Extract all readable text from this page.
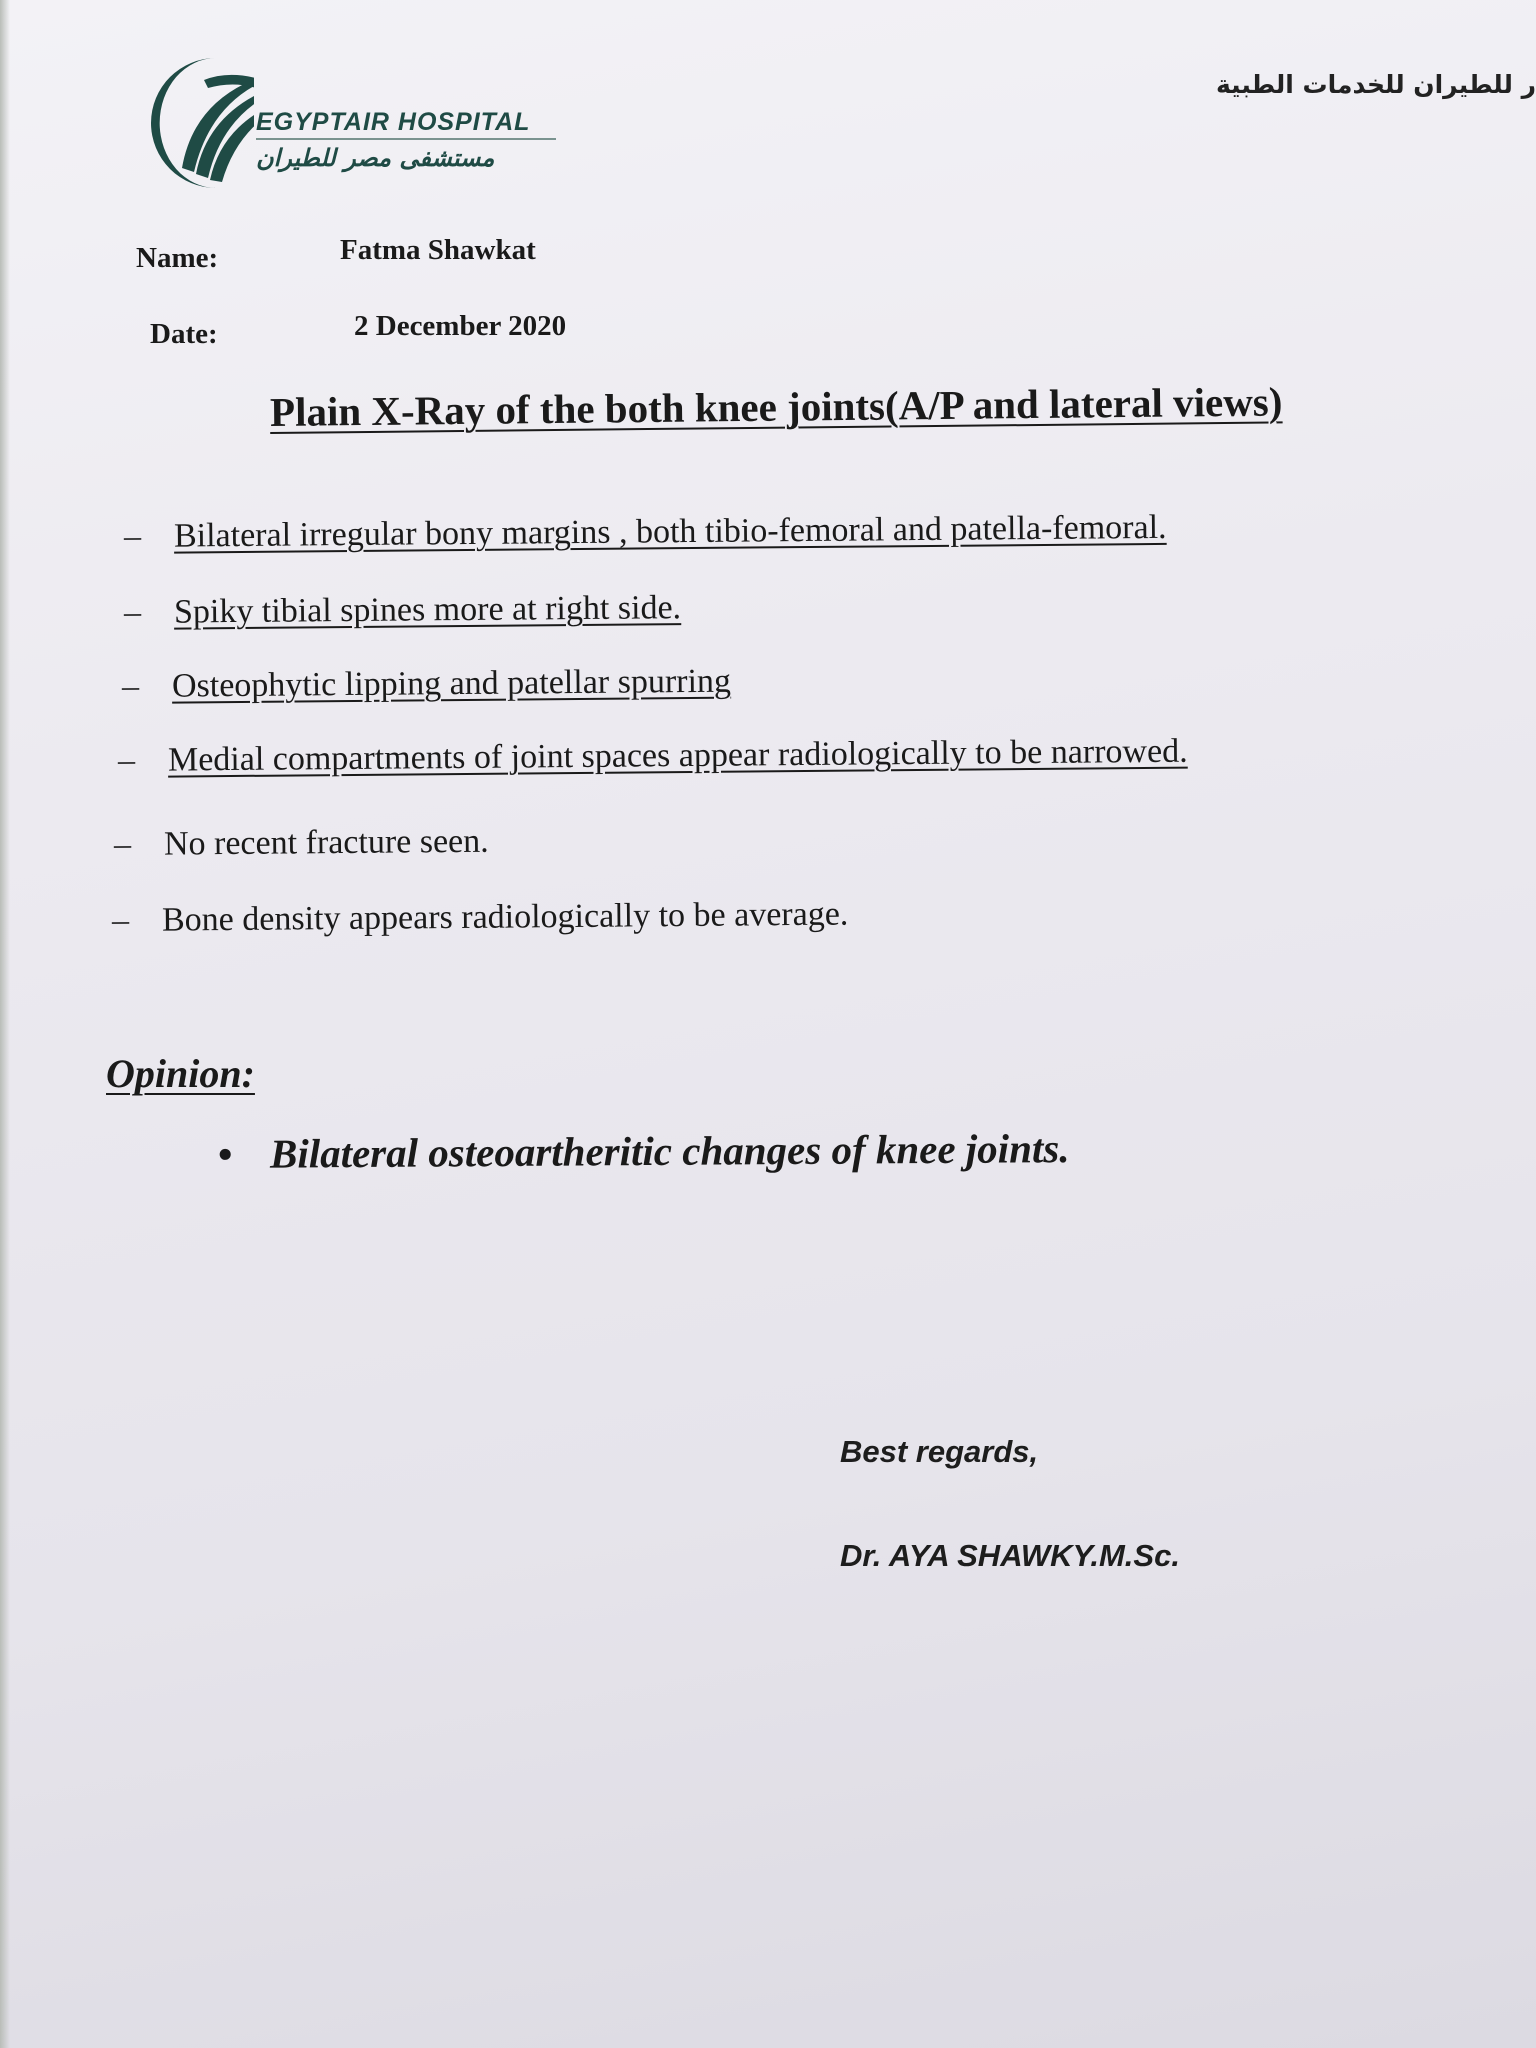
EGYPTAIR HOSPITAL
مستشفى مصر للطيران
ر للطيران للخدمات الطبية
Name:	Fatma Shawkat
Date:	2 December 2020
Plain X-Ray of the both knee joints(A/P and lateral views)
– Bilateral irregular bony margins , both tibio-femoral and patella-femoral.
– Spiky tibial spines more at right side.
– Osteophytic lipping and patellar spurring
– Medial compartments of joint spaces appear radiologically to be narrowed.
– No recent fracture seen.
– Bone density appears radiologically to be average.
Opinion:
• Bilateral osteoartheritic changes of knee joints.
Best regards,
Dr. AYA SHAWKY.M.Sc.
